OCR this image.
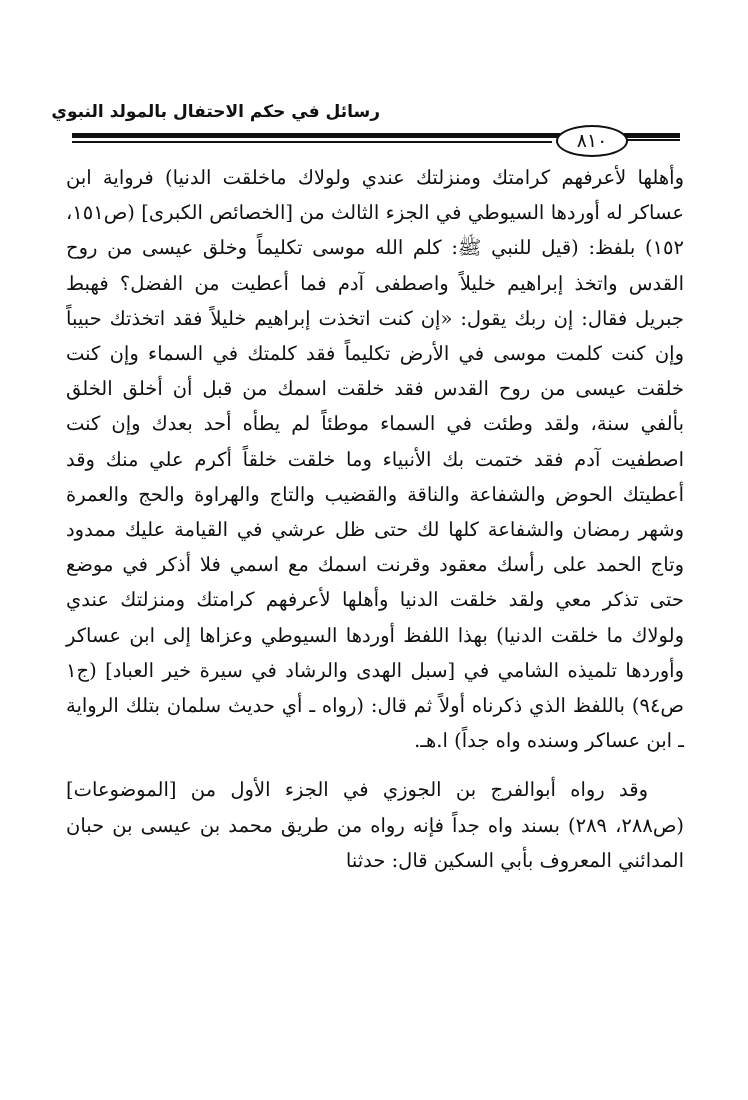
رسائل في حكم الاحتفال بالمولد النبوي
٨١٠

وأهلها لأعرفهم كرامتك ومنزلتك عندي ولولاك ماخلقت الدنيا) فرواية ابن عساكر له أوردها السيوطي في الجزء الثالث من [الخصائص الكبرى] (ص١٥١، ١٥٢) بلفظ: (قيل للنبي ﷺ: كلم الله موسى تكليماً وخلق عيسى من روح القدس واتخذ إبراهيم خليلاً واصطفى آدم فما أعطيت من الفضل؟ فهبط جبريل فقال: إن ربك يقول: «إن كنت اتخذت إبراهيم خليلاً فقد اتخذتك حبيباً وإن كنت كلمت موسى في الأرض تكليماً فقد كلمتك في السماء وإن كنت خلقت عيسى من روح القدس فقد خلقت اسمك من قبل أن أخلق الخلق بألفي سنة، ولقد وطئت في السماء موطئاً لم يطأه أحد بعدك وإن كنت اصطفيت آدم فقد ختمت بك الأنبياء وما خلقت خلقاً أكرم علي منك وقد أعطيتك الحوض والشفاعة والناقة والقضيب والتاج والهراوة والحج والعمرة وشهر رمضان والشفاعة كلها لك حتى ظل عرشي في القيامة عليك ممدود وتاج الحمد على رأسك معقود وقرنت اسمك مع اسمي فلا أذكر في موضع حتى تذكر معي ولقد خلقت الدنيا وأهلها لأعرفهم كرامتك ومنزلتك عندي ولولاك ما خلقت الدنيا) بهذا اللفظ أوردها السيوطي وعزاها إلى ابن عساكر وأوردها تلميذه الشامي في [سبل الهدى والرشاد في سيرة خير العباد] (ج١ ص٩٤) باللفظ الذي ذكرناه أولاً ثم قال: (رواه ـ أي حديث سلمان بتلك الرواية ـ ابن عساكر وسنده واه جداً) ا.هـ.

وقد رواه أبوالفرج بن الجوزي في الجزء الأول من [الموضوعات] (ص٢٨٨، ٢٨٩) بسند واه جداً فإنه رواه من طريق محمد بن عيسى بن حبان المدائني المعروف بأبي السكين قال: حدثنا
